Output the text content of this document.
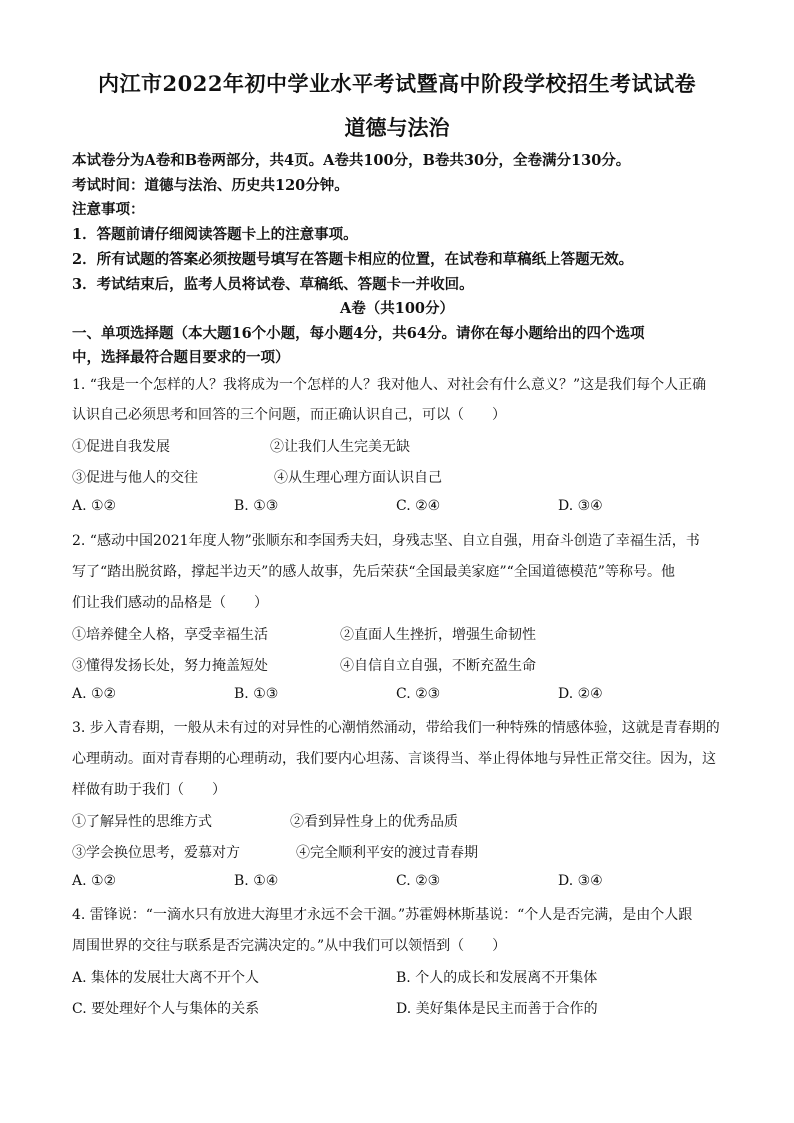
内江市2022年初中学业水平考试暨高中阶段学校招生考试试卷
道德与法治
本试卷分为A卷和B卷两部分，共4页。A卷共100分，B卷共30分，全卷满分130分。
考试时间：道德与法治、历史共120分钟。
注意事项：
1．答题前请仔细阅读答题卡上的注意事项。
2．所有试题的答案必须按题号填写在答题卡相应的位置，在试卷和草稿纸上答题无效。
3．考试结束后，监考人员将试卷、草稿纸、答题卡一并收回。
A卷（共100分）
一、单项选择题（本大题16个小题，每小题4分，共64分。请你在每小题给出的四个选项
中，选择最符合题目要求的一项）
1. “我是一个怎样的人？我将成为一个怎样的人？我对他人、对社会有什么意义？”这是我们每个人正确
认识自己必须思考和回答的三个问题，而正确认识自己，可以（　　）
①促进自我发展	②让我们人生完美无缺
③促进与他人的交往	④从生理心理方面认识自己
A. ①②	B. ①③	C. ②④	D. ③④
2. “感动中国2021年度人物”张顺东和李国秀夫妇，身残志坚、自立自强，用奋斗创造了幸福生活，书
写了“踏出脱贫路，撑起半边天”的感人故事，先后荣获“全国最美家庭”“全国道德模范”等称号。他
们让我们感动的品格是（　　）
①培养健全人格，享受幸福生活	②直面人生挫折，增强生命韧性
③懂得发扬长处，努力掩盖短处	④自信自立自强，不断充盈生命
A. ①②	B. ①③	C. ②③	D. ②④
3. 步入青春期，一般从未有过的对异性的心潮悄然涌动，带给我们一种特殊的情感体验，这就是青春期的
心理萌动。面对青春期的心理萌动，我们要内心坦荡、言谈得当、举止得体地与异性正常交往。因为，这
样做有助于我们（　　）
①了解异性的思维方式	②看到异性身上的优秀品质
③学会换位思考，爱慕对方	④完全顺利平安的渡过青春期
A. ①②	B. ①④	C. ②③	D. ③④
4. 雷锋说：“一滴水只有放进大海里才永远不会干涸。”苏霍姆林斯基说：“个人是否完满，是由个人跟
周围世界的交往与联系是否完满决定的。”从中我们可以领悟到（　　）
A. 集体的发展壮大离不开个人	B. 个人的成长和发展离不开集体
C. 要处理好个人与集体的关系	D. 美好集体是民主而善于合作的
